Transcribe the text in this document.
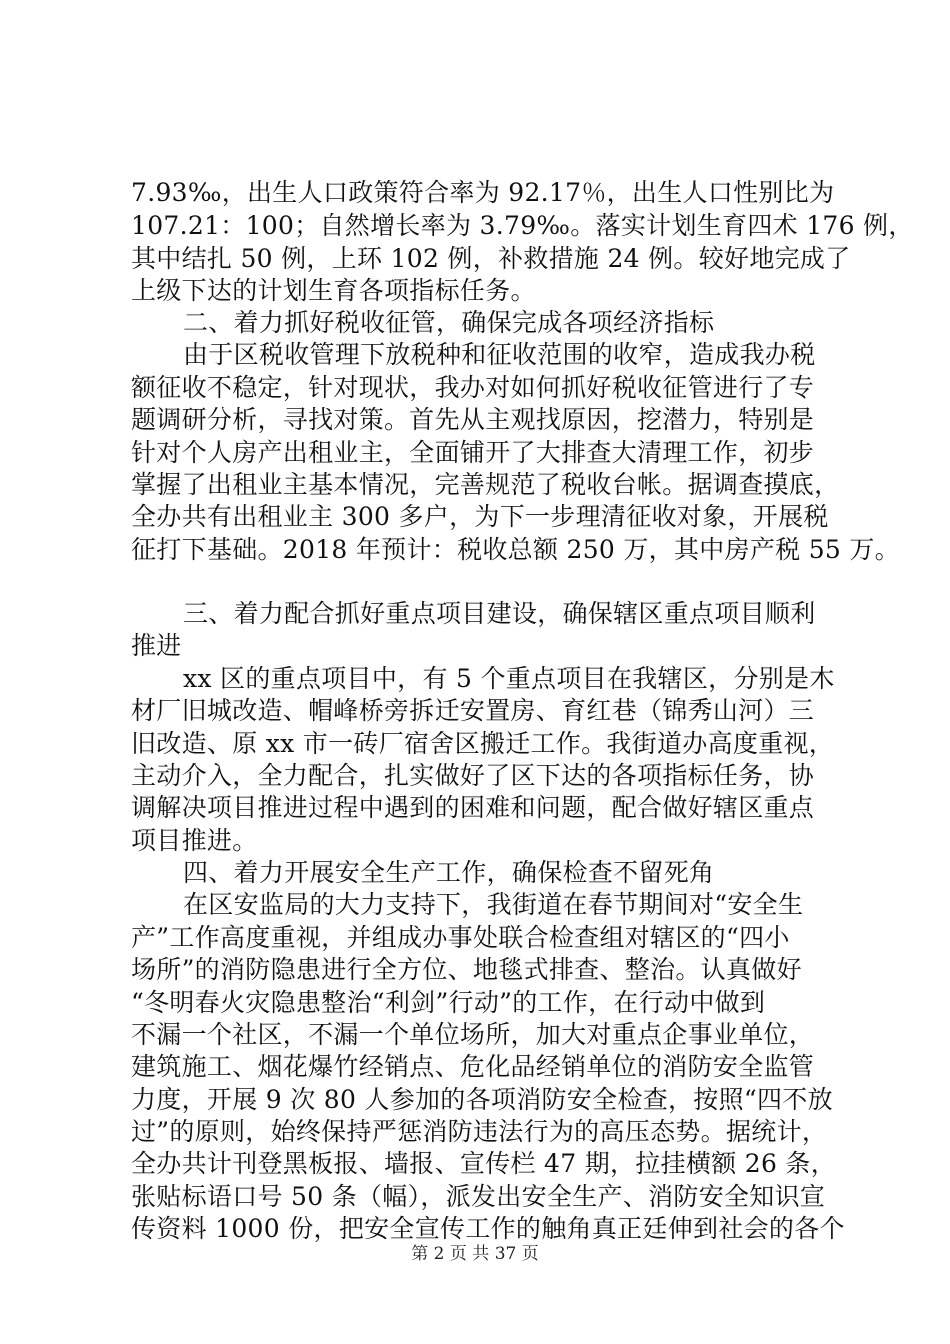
7.93‰，出生人口政策符合率为 92.17％，出生人口性别比为
107.21：100；自然增长率为 3.79‰。落实计划生育四术 176 例，
其中结扎 50 例，上环 102 例，补救措施 24 例。较好地完成了
上级下达的计划生育各项指标任务。
二、着力抓好税收征管，确保完成各项经济指标
由于区税收管理下放税种和征收范围的收窄，造成我办税
额征收不稳定，针对现状，我办对如何抓好税收征管进行了专
题调研分析，寻找对策。首先从主观找原因，挖潜力，特别是
针对个人房产出租业主，全面铺开了大排查大清理工作，初步
掌握了出租业主基本情况，完善规范了税收台帐。据调查摸底，
全办共有出租业主 300 多户，为下一步理清征收对象，开展税
征打下基础。2018 年预计：税收总额 250 万，其中房产税 55 万。
三、着力配合抓好重点项目建设，确保辖区重点项目顺利
推进
xx 区的重点项目中，有 5 个重点项目在我辖区，分别是木
材厂旧城改造、帽峰桥旁拆迁安置房、育红巷（锦秀山河）三
旧改造、原 xx 市一砖厂宿舍区搬迁工作。我街道办高度重视，
主动介入，全力配合，扎实做好了区下达的各项指标任务，协
调解决项目推进过程中遇到的困难和问题，配合做好辖区重点
项目推进。
四、着力开展安全生产工作，确保检查不留死角
在区安监局的大力支持下，我街道在春节期间对“安全生
产”工作高度重视，并组成办事处联合检查组对辖区的“四小
场所”的消防隐患进行全方位、地毯式排查、整治。认真做好
“冬明春火灾隐患整治“利剑”行动”的工作，在行动中做到
不漏一个社区，不漏一个单位场所，加大对重点企事业单位，
建筑施工、烟花爆竹经销点、危化品经销单位的消防安全监管
力度，开展 9 次 80 人参加的各项消防安全检查，按照“四不放
过”的原则，始终保持严惩消防违法行为的高压态势。据统计，
全办共计刊登黑板报、墙报、宣传栏 47 期，拉挂横额 26 条，
张贴标语口号 50 条（幅），派发出安全生产、消防安全知识宣
传资料 1000 份，把安全宣传工作的触角真正廷伸到社会的各个
第 2 页 共 37 页
